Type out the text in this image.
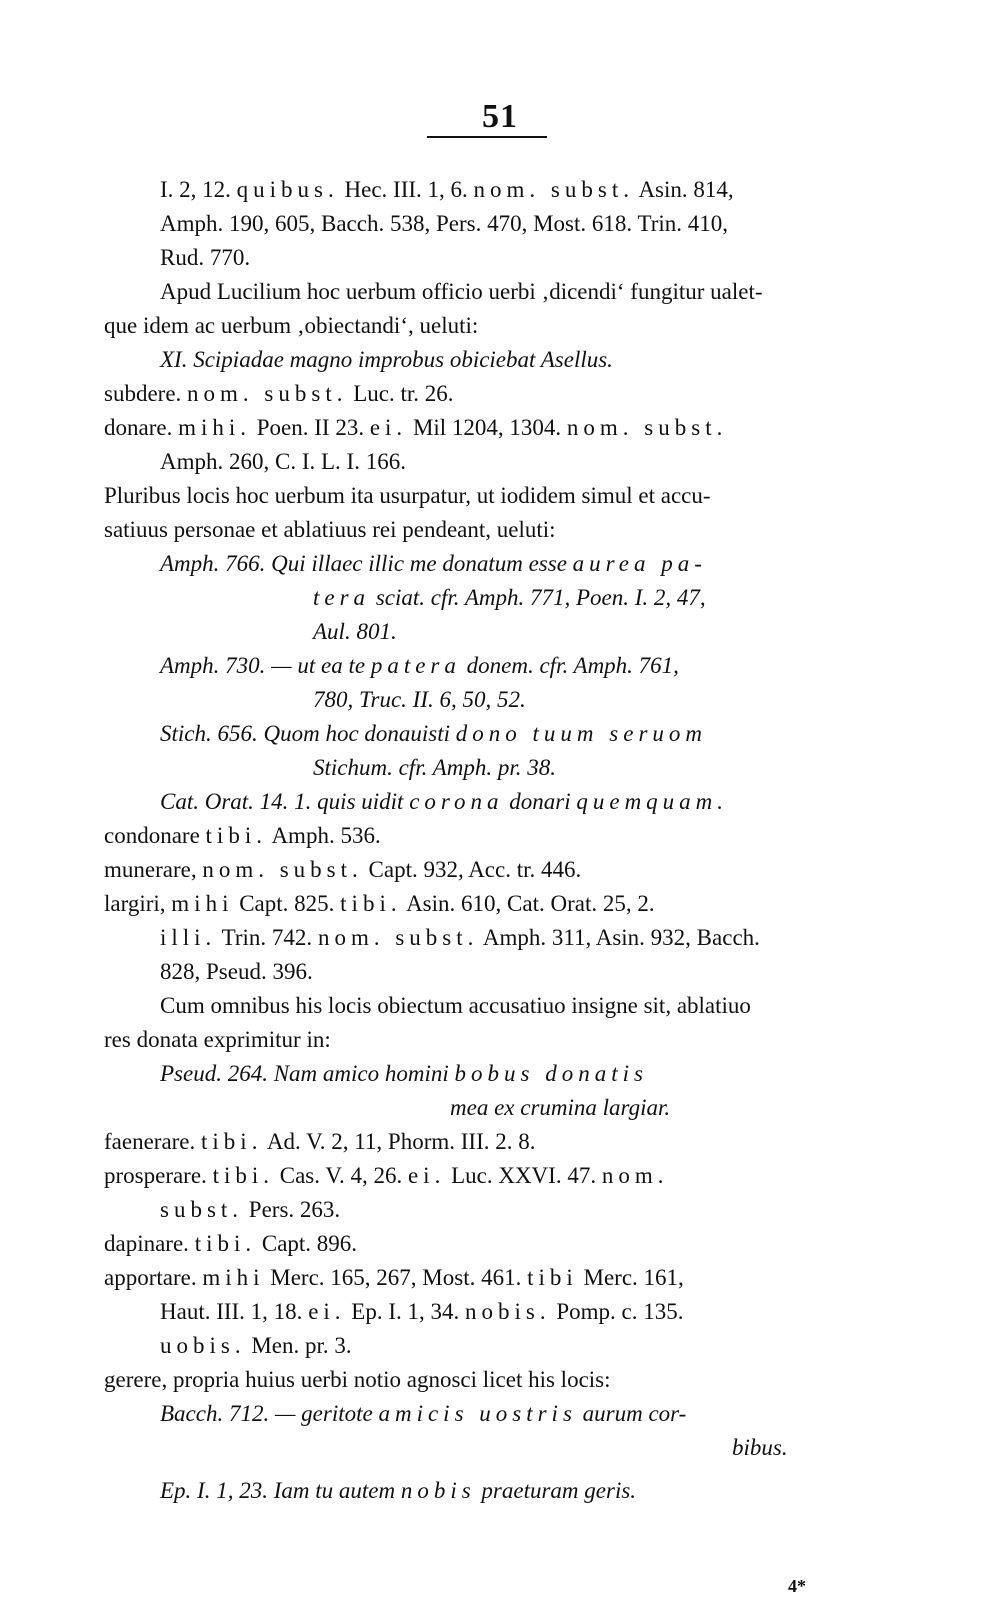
51
I. 2, 12. quibus. Hec. III. 1, 6. nom. subst. Asin. 814,
Amph. 190, 605, Bacch. 538, Pers. 470, Most. 618. Trin. 410,
Rud. 770.
Apud Lucilium hoc uerbum officio uerbi ‚dicendi‘ fungitur ualet-
que idem ac uerbum ‚obiectandi‘, ueluti:
XI. Scipiadae magno improbus obiciebat Asellus.
subdere. nom. subst. Luc. tr. 26.
donare. mihi. Poen. II 23. ei. Mil 1204, 1304. nom. subst.
Amph. 260, C. I. L. I. 166.
Pluribus locis hoc uerbum ita usurpatur, ut iodidem simul et accu-
satiuus personae et ablatiuus rei pendeant, ueluti:
Amph. 766. Qui illaec illic me donatum esse aurea pa-
tera sciat. cfr. Amph. 771, Poen. I. 2, 47,
Aul. 801.
Amph. 730. — ut ea te patera donem. cfr. Amph. 761,
780, Truc. II. 6, 50, 52.
Stich. 656. Quom hoc donauisti dono tuum seruom
Stichum. cfr. Amph. pr. 38.
Cat. Orat. 14. 1. quis uidit corona donari quemquam.
condonare tibi. Amph. 536.
munerare, nom. subst. Capt. 932, Acc. tr. 446.
largiri, mihi Capt. 825. tibi. Asin. 610, Cat. Orat. 25, 2.
illi. Trin. 742. nom. subst. Amph. 311, Asin. 932, Bacch.
828, Pseud. 396.
Cum omnibus his locis obiectum accusatiuo insigne sit, ablatiuo
res donata exprimitur in:
Pseud. 264. Nam amico homini bobus donatis
mea ex crumina largiar.
faenerare. tibi. Ad. V. 2, 11, Phorm. III. 2. 8.
prosperare. tibi. Cas. V. 4, 26. ei. Luc. XXVI. 47. nom.
subst. Pers. 263.
dapinare. tibi. Capt. 896.
apportare. mihi Merc. 165, 267, Most. 461. tibi Merc. 161,
Haut. III. 1, 18. ei. Ep. I. 1, 34. nobis. Pomp. c. 135.
uobis. Men. pr. 3.
gerere, propria huius uerbi notio agnosci licet his locis:
Bacch. 712. — geritote amicis uostris aurum cor-
bibus.
Ep. I. 1, 23. Iam tu autem nobis praeturam geris.
4*
